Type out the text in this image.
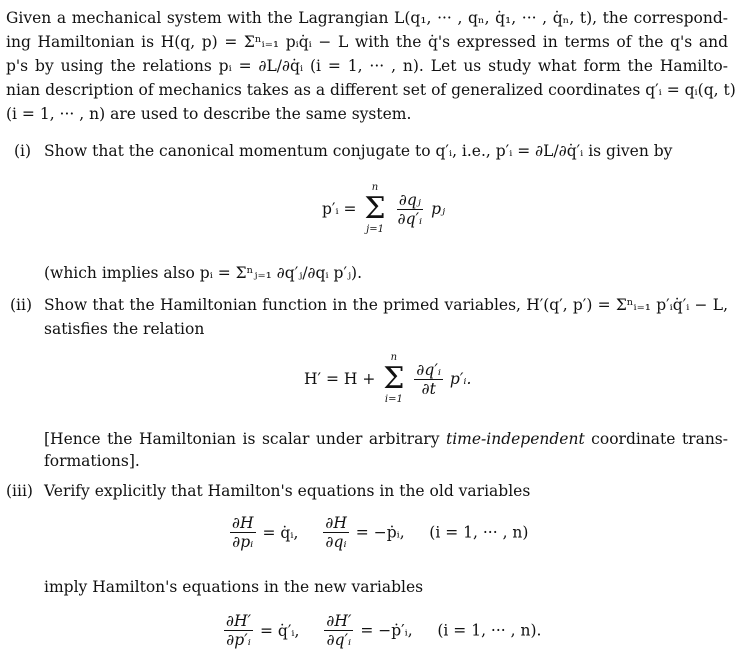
Given a mechanical system with the Lagrangian L(q₁, ··· , qₙ, q̇₁, ··· , q̇ₙ, t), the correspond-
ing Hamiltonian is H(q, p) = Σⁿᵢ₌₁ pᵢq̇ᵢ − L with the q̇'s expressed in terms of the q's and
p's by using the relations pᵢ = ∂L/∂q̇ᵢ (i = 1, ··· , n). Let us study what form the Hamilto-
nian description of mechanics takes as a different set of generalized coordinates q′ᵢ = qᵢ(q, t)
(i = 1, ··· , n) are used to describe the same system.
(i) Show that the canonical momentum conjugate to q′ᵢ, i.e., p′ᵢ = ∂L/∂q̇′ᵢ is given by
p′ᵢ =
n
Σ
j=1

$\frac{\text{∂qⱼ}}{\text{∂q′ᵢ}}$ pⱼ
(which implies also pᵢ = Σⁿⱼ₌₁ ∂q′ⱼ/∂qᵢ p′ⱼ).
(ii) Show that the Hamiltonian function in the primed variables, H′(q′, p′) = Σⁿᵢ₌₁ p′ᵢq̇′ᵢ − L,
satisfies the relation
H′ = H +
n
Σ
i=1

$\frac{\text{∂q′ᵢ}}{\partial t}$ p′ᵢ.
[Hence the Hamiltonian is scalar under arbitrary time-independent coordinate trans-
formations].
(iii) Verify explicitly that Hamilton's equations in the old variables
$\frac{\partial H}{\text{∂pᵢ}}$ = q̇ᵢ, $\frac{\partial H}{\text{∂qᵢ}}$ = −ṗᵢ,     (i = 1, ··· , n)
imply Hamilton's equations in the new variables
$\frac{\partial H'}{\text{∂p′ᵢ}}$ = q̇′ᵢ, $\frac{\partial H'}{\text{∂q′ᵢ}}$ = −ṗ′ᵢ,     (i = 1, ··· , n).
